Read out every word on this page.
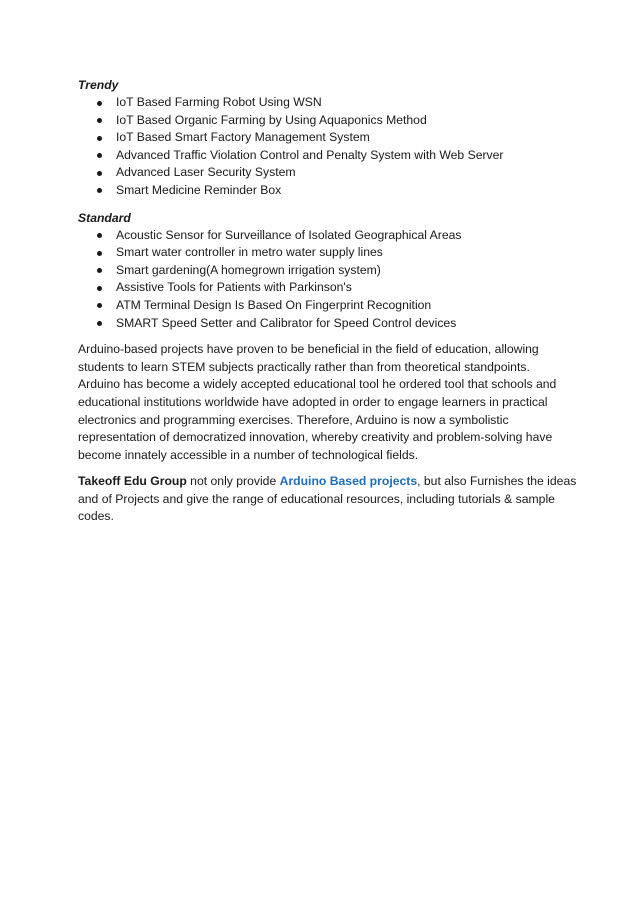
Trendy

IoT Based Farming Robot Using WSN
IoT Based Organic Farming by Using Aquaponics Method
IoT Based Smart Factory Management System
Advanced Traffic Violation Control and Penalty System with Web Server
Advanced Laser Security System
Smart Medicine Reminder Box

Standard

Acoustic Sensor for Surveillance of Isolated Geographical Areas
Smart water controller in metro water supply lines
Smart gardening(A homegrown irrigation system)
Assistive Tools for Patients with Parkinson's
ATM Terminal Design Is Based On Fingerprint Recognition
SMART Speed Setter and Calibrator for Speed Control devices

Arduino-based projects have proven to be beneficial in the field of education, allowing
students to learn STEM subjects practically rather than from theoretical standpoints.
Arduino has become a widely accepted educational tool he ordered tool that schools and
educational institutions worldwide have adopted in order to engage learners in practical
electronics and programming exercises. Therefore, Arduino is now a symbolistic
representation of democratized innovation, whereby creativity and problem-solving have
become innately accessible in a number of technological fields.

Takeoff Edu Group not only provide Arduino Based projects, but also Furnishes the ideas
and of Projects and give the range of educational resources, including tutorials & sample
codes.
